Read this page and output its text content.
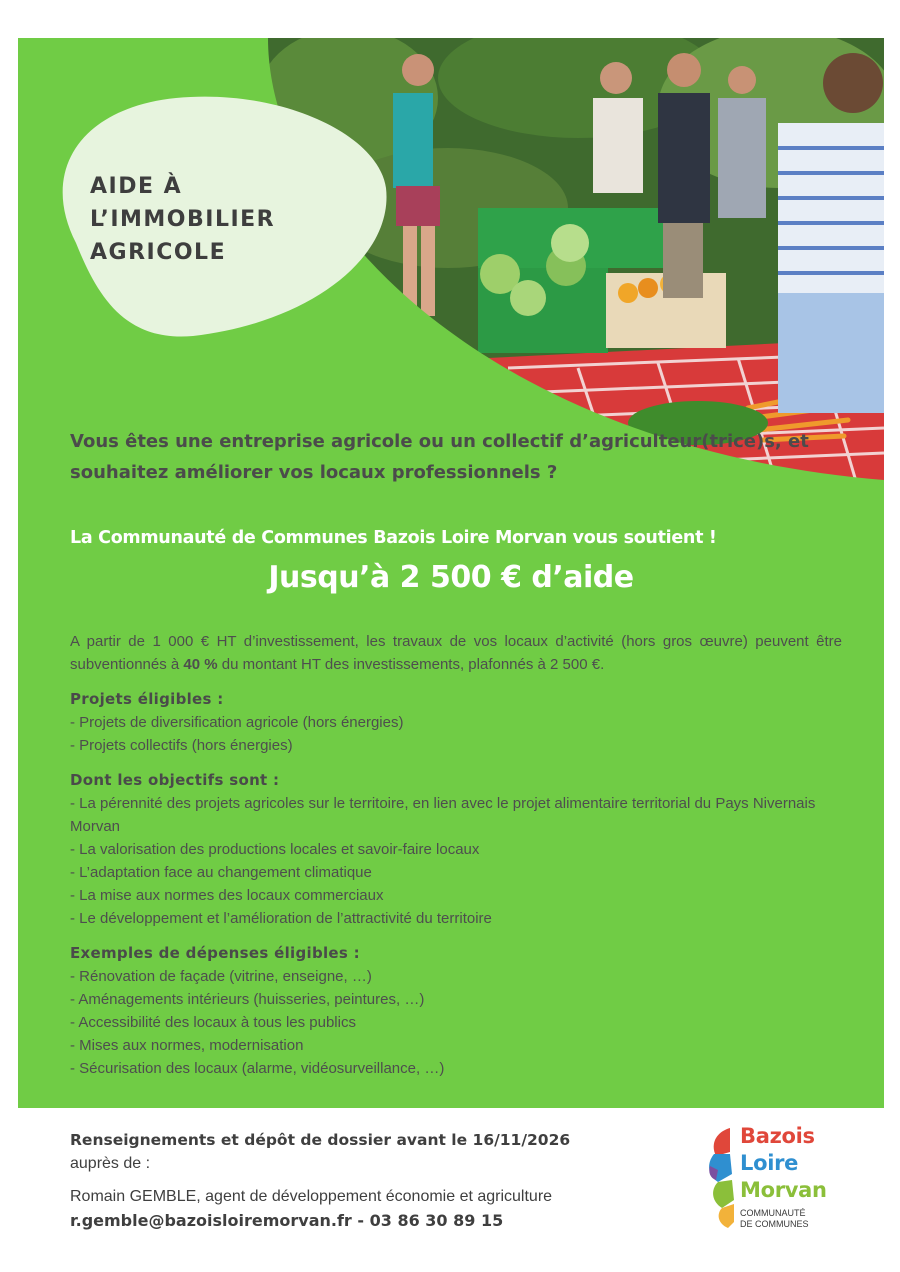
AIDE À
L’IMMOBILIER
AGRICOLE

Vous êtes une entreprise agricole ou un collectif d’agriculteur(trice)s, et souhaitez améliorer vos locaux professionnels ?

La Communauté de Communes Bazois Loire Morvan vous soutient !

Jusqu’à 2 500 € d’aide

A partir de 1 000 € HT d’investissement, les travaux de vos locaux d’activité (hors gros œuvre) peuvent être subventionnés à 40 % du montant HT des investissements, plafonnés à 2 500 €.

Projets éligibles :
- Projets de diversification agricole (hors énergies)
- Projets collectifs (hors énergies)
Dont les objectifs sont :
- La pérennité des projets agricoles sur le territoire, en lien avec le projet alimentaire territorial du Pays Nivernais Morvan
- La valorisation des productions locales et savoir-faire locaux
- L’adaptation face au changement climatique
- La mise aux normes des locaux commerciaux
- Le développement et l’amélioration de l’attractivité du territoire
Exemples de dépenses éligibles :
- Rénovation de façade (vitrine, enseigne, …)
- Aménagements intérieurs (huisseries, peintures, …)
- Accessibilité des locaux à tous les publics
- Mises aux normes, modernisation
- Sécurisation des locaux (alarme, vidéosurveillance, …)
Renseignements et dépôt de dossier avant le 16/11/2026
auprès de :
Romain GEMBLE, agent de développement économie et agriculture
r.gemble@bazoisloiremorvan.fr - 03 86 30 89 15
Bazois
Loire
Morvan
COMMUNAUTÉ
DE COMMUNES
